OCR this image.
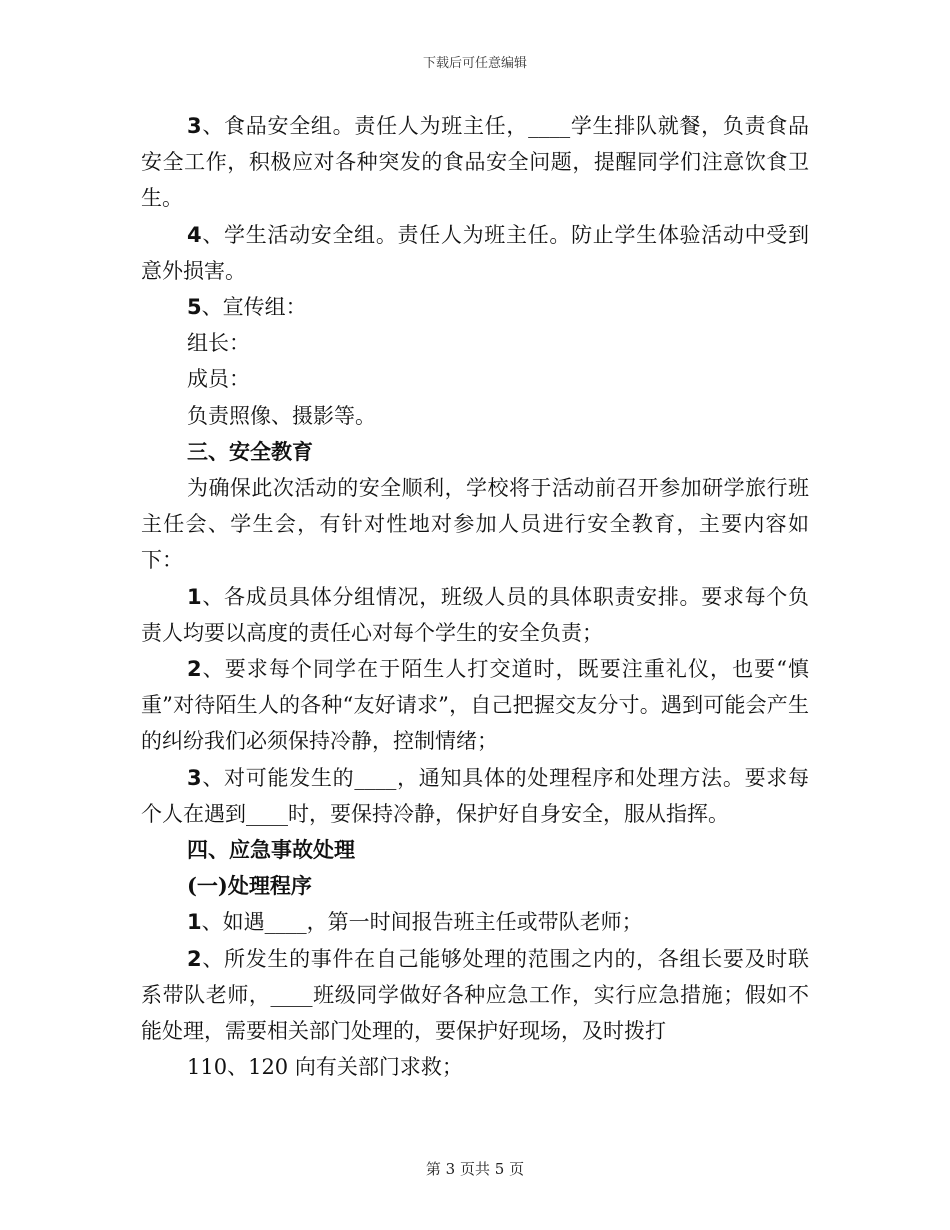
下载后可任意编辑

3、食品安全组。责任人为班主任，____学生排队就餐，负责食品安全工作，积极应对各种突发的食品安全问题，提醒同学们注意饮食卫生。

4、学生活动安全组。责任人为班主任。防止学生体验活动中受到意外损害。

5、宣传组：

组长：

成员：

负责照像、摄影等。

三、安全教育

为确保此次活动的安全顺利，学校将于活动前召开参加研学旅行班主任会、学生会，有针对性地对参加人员进行安全教育，主要内容如下：

1、各成员具体分组情况，班级人员的具体职责安排。要求每个负责人均要以高度的责任心对每个学生的安全负责；

2、要求每个同学在于陌生人打交道时，既要注重礼仪，也要“慎重”对待陌生人的各种“友好请求”，自己把握交友分寸。遇到可能会产生的纠纷我们必须保持冷静，控制情绪；

3、对可能发生的____，通知具体的处理程序和处理方法。要求每个人在遇到____时，要保持冷静，保护好自身安全，服从指挥。

四、应急事故处理

(一)处理程序

1、如遇____，第一时间报告班主任或带队老师；

2、所发生的事件在自己能够处理的范围之内的，各组长要及时联系带队老师，____班级同学做好各种应急工作，实行应急措施；假如不能处理，需要相关部门处理的，要保护好现场，及时拨打

110、120 向有关部门求救；

第 3 页共 5 页
